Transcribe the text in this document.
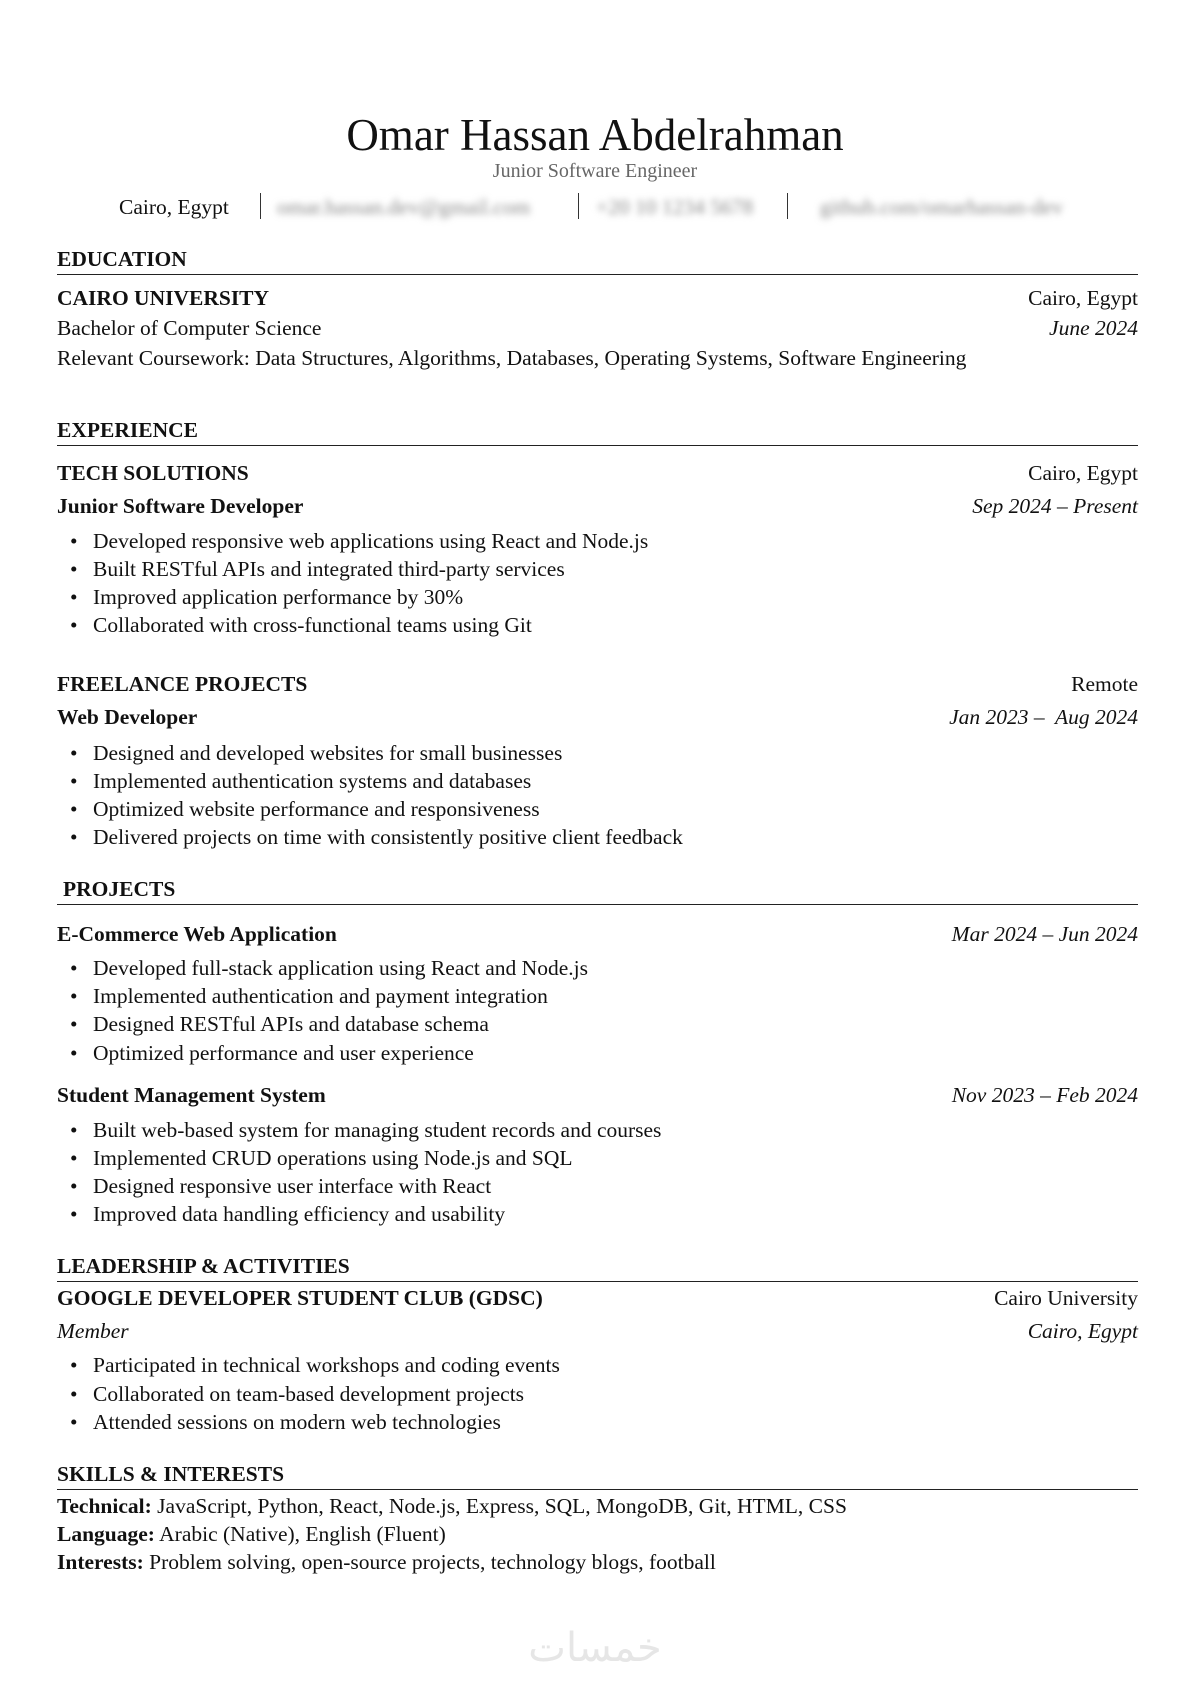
Omar Hassan Abdelrahman
Junior Software Engineer
Cairo, Egypt omar.hassan.dev@gmail.com	+20 10 1234 5678	github.com/omarhassan-dev
EDUCATION
CAIRO UNIVERSITY	Cairo, Egypt
Bachelor of Computer Science	June 2024
Relevant Coursework: Data Structures, Algorithms, Databases, Operating Systems, Software Engineering
EXPERIENCE
TECH SOLUTIONS	Cairo, Egypt
Junior Software Developer	Sep 2024 – Present
• Developed responsive web applications using React and Node.js
• Built RESTful APIs and integrated third-party services
• Improved application performance by 30%
• Collaborated with cross-functional teams using Git
FREELANCE PROJECTS	Remote
Web Developer	Jan 2023 –  Aug 2024
• Designed and developed websites for small businesses
• Implemented authentication systems and databases
• Optimized website performance and responsiveness
• Delivered projects on time with consistently positive client feedback
PROJECTS
E-Commerce Web Application	Mar 2024 – Jun 2024
• Developed full-stack application using React and Node.js
• Implemented authentication and payment integration
• Designed RESTful APIs and database schema
• Optimized performance and user experience
Student Management System	Nov 2023 – Feb 2024
• Built web-based system for managing student records and courses
• Implemented CRUD operations using Node.js and SQL
• Designed responsive user interface with React
• Improved data handling efficiency and usability
LEADERSHIP & ACTIVITIES
GOOGLE DEVELOPER STUDENT CLUB (GDSC)	Cairo University
Member	Cairo, Egypt
• Participated in technical workshops and coding events
• Collaborated on team-based development projects
• Attended sessions on modern web technologies
SKILLS & INTERESTS
Technical: JavaScript, Python, React, Node.js, Express, SQL, MongoDB, Git, HTML, CSS
Language: Arabic (Native), English (Fluent)
Interests: Problem solving, open-source projects, technology blogs, football
خمسات
